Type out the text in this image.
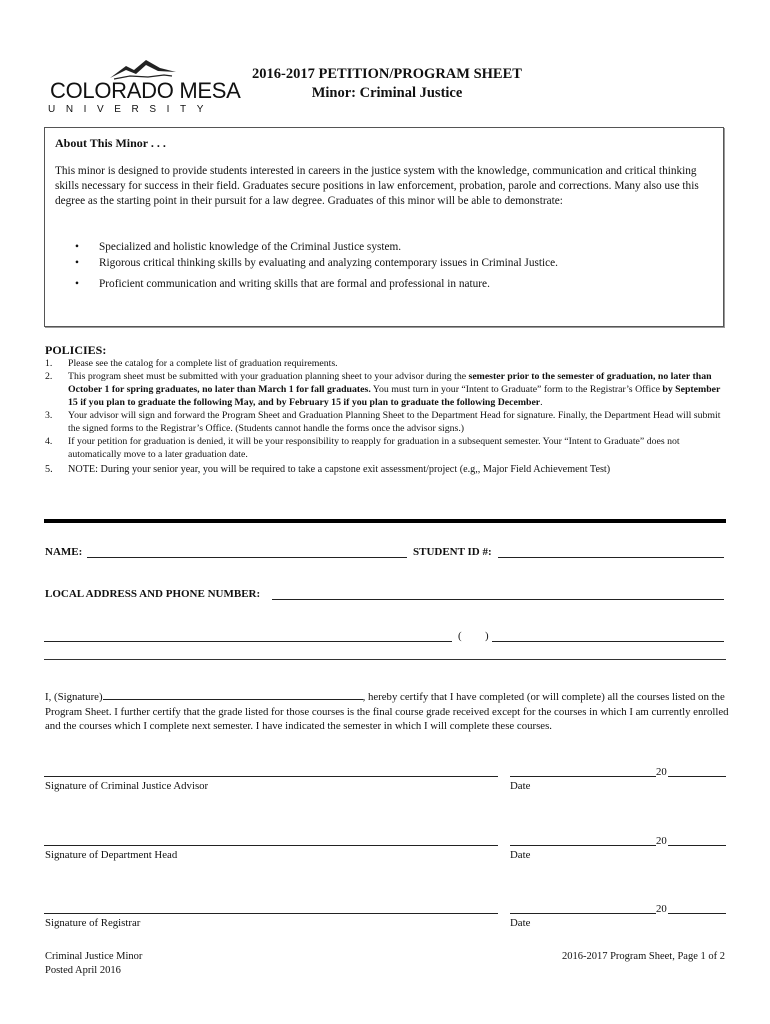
COLORADO MESA
UNIVERSITY
2016-2017 PETITION/PROGRAM SHEET
Minor: Criminal Justice
About This Minor . . .
This minor is designed to provide students interested in careers in the justice system with the knowledge, communication and critical thinking skills necessary for success in their field. Graduates secure positions in law enforcement, probation, parole and corrections. Many also use this degree as the starting point in their pursuit for a law degree. Graduates of this minor will be able to demonstrate:
• Specialized and holistic knowledge of the Criminal Justice system.
• Rigorous critical thinking skills by evaluating and analyzing contemporary issues in Criminal Justice.
• Proficient communication and writing skills that are formal and professional in nature.
POLICIES:
1. Please see the catalog for a complete list of graduation requirements.
2. This program sheet must be submitted with your graduation planning sheet to your advisor during the semester prior to the semester of graduation, no later than October 1 for spring graduates, no later than March 1 for fall graduates. You must turn in your “Intent to Graduate” form to the Registrar’s Office by September 15 if you plan to graduate the following May, and by February 15 if you plan to graduate the following December.
3. Your advisor will sign and forward the Program Sheet and Graduation Planning Sheet to the Department Head for signature. Finally, the Department Head will submit the signed forms to the Registrar’s Office. (Students cannot handle the forms once the advisor signs.)
4. If your petition for graduation is denied, it will be your responsibility to reapply for graduation in a subsequent semester. Your “Intent to Graduate” does not automatically move to a later graduation date.
5. NOTE: During your senior year, you will be required to take a capstone exit assessment/project (e.g,, Major Field Achievement Test)
NAME:	STUDENT ID #:
LOCAL ADDRESS AND PHONE NUMBER:
( )
I, (Signature)	, hereby certify that I have completed (or will complete) all the courses listed on the Program Sheet. I further certify that the grade listed for those courses is the final course grade received except for the courses in which I am currently enrolled and the courses which I complete next semester. I have indicated the semester in which I will complete these courses.
Signature of Criminal Justice Advisor
20
Date
Signature of Department Head
20
Date
Signature of Registrar
20
Date
Criminal Justice Minor
Posted April 2016
2016-2017 Program Sheet, Page 1 of 2
